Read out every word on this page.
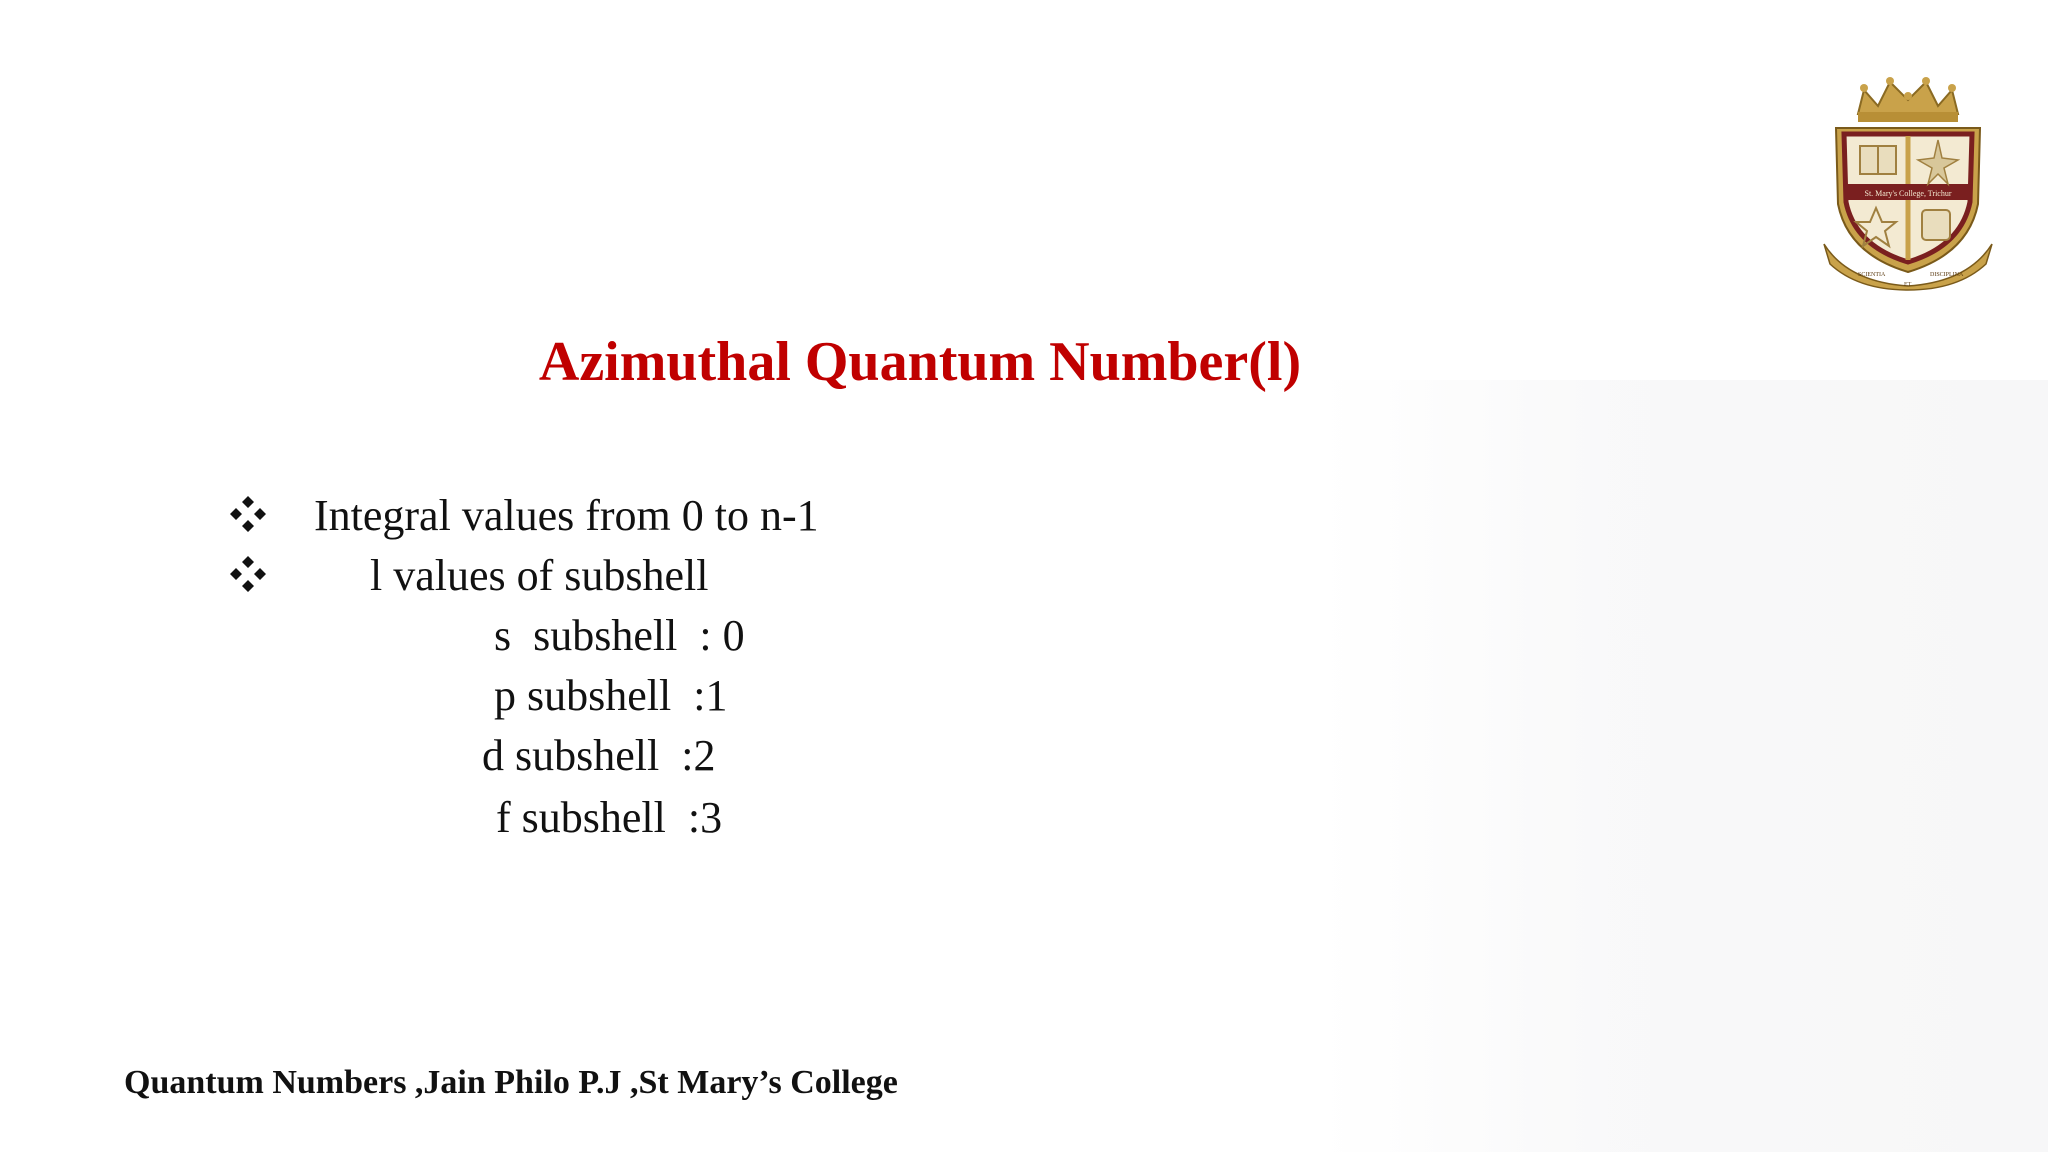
St. Mary's College, Trichur
SCIENTIA
ET
DISCIPLINA
Azimuthal Quantum Number(l)
Integral values from 0 to n-1
l values of subshell
s  subshell  : 0
p subshell  :1
d subshell  :2
f subshell  :3
Quantum Numbers ,Jain Philo P.J ,St Mary’s College
